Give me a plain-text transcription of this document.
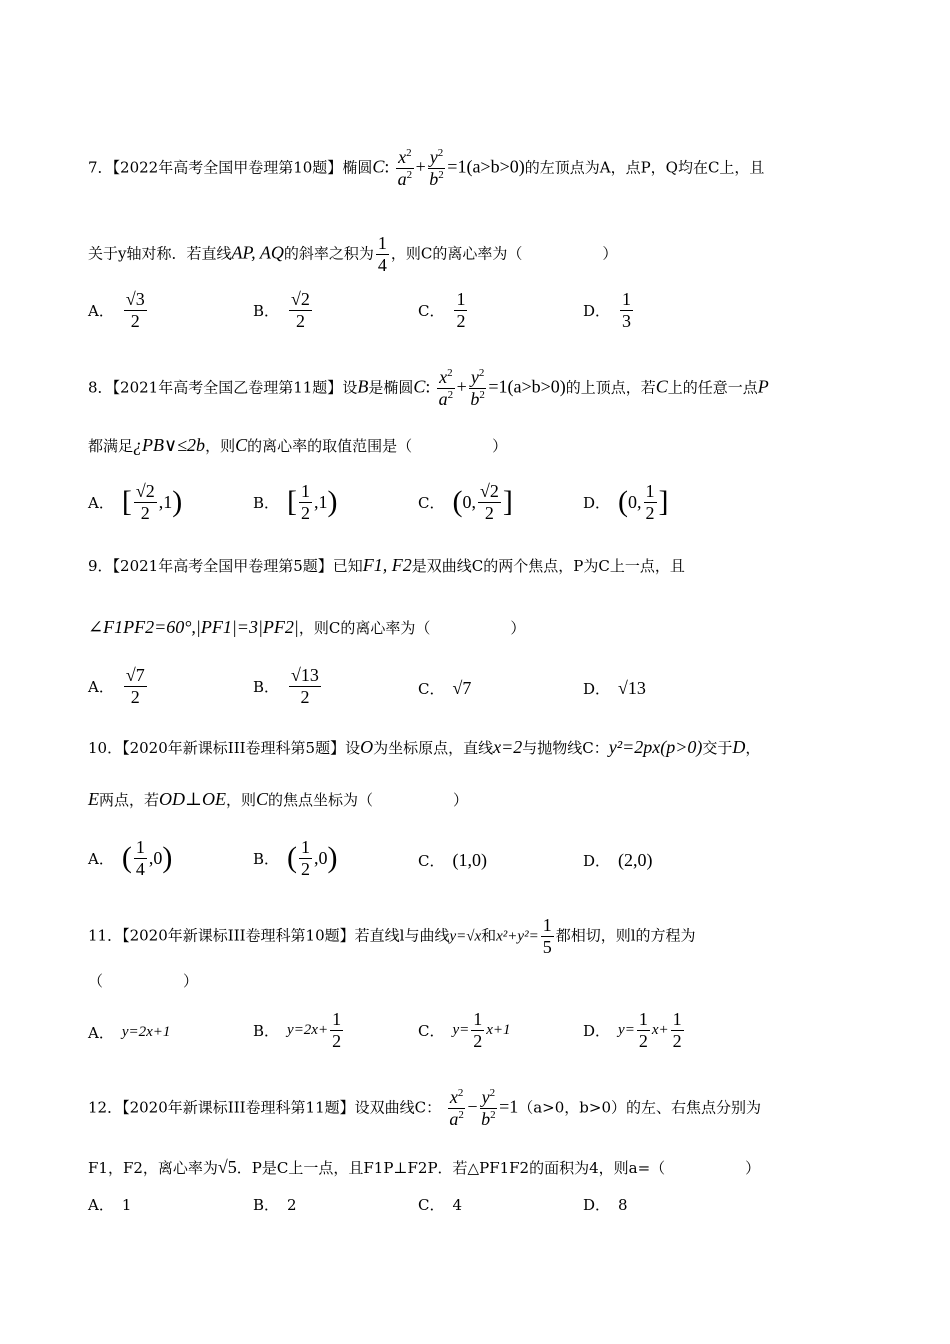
7．【2022年高考全国甲卷理第10题】椭圆C: $\frac{x^2}{a^2} + \frac{y^2}{b^2} =1(a>b>0)$的左顶点为A，点P，Q均在C上，且
关于y轴对称．若直线AP, AQ的斜率之积为 $\frac{1}{4}$ ，则C的离心率为（	）
A． $\frac{√3}{2}$	B． $\frac{√2}{2}$	C． $\frac{1}{2}$	D． $\frac{1}{3}$
8．【2021年高考全国乙卷理第11题】设B是椭圆C: $\frac{x^2}{a^2} + \frac{y^2}{b^2} =1(a>b>0)$的上顶点，若C上的任意一点P
都满足¿PB∨≤2b，则C的离心率的取值范围是（	）
A． [ $\frac{√2}{2} ,1$ )	B． [ $\frac{1}{2} ,1$ )	C． ( 0, $\frac{√2}{2}$ ]	D． ( 0, $\frac{1}{2}$ ]
9．【2021年高考全国甲卷理第5题】已知F1, F2是双曲线C的两个焦点，P为C上一点，且
∠F1PF2=60°,|PF1|=3|PF2|，则C的离心率为（	）
A． $\frac{√7}{2}$	B． $\frac{√13}{2}$	C． √7	D． √13
10．【2020年新课标III卷理科第5题】设O为坐标原点，直线x=2与抛物线C：y²=2px(p>0)交于D，
E两点，若OD⊥OE，则C的焦点坐标为（	）
A． ( $\frac{1}{4} ,0$ )	B． ( $\frac{1}{2} ,0$ )	C． (1,0)	D． (2,0)
11．【2020年新课标III卷理科第10题】若直线l与曲线y=√x和$x^2+y^2= \frac{1}{5}$ 都相切，则l的方程为
（	）
A． y=2x+1	B． $y=2x+ \frac{1}{2}$	C． $y= \frac{1}{2} x+1$	D． $y= \frac{1}{2} x+ \frac{1}{2}$
12．【2020年新课标III卷理科第11题】设双曲线C： $\frac{x^2}{a^2} - \frac{y^2}{b^2} =1(a>0$，b>0）的左、右焦点分别为
F1，F2，离心率为√5．P是C上一点，且F1P⊥F2P．若△PF1F2的面积为4，则a=（	）
A． 1	B． 2	C． 4	D． 8
